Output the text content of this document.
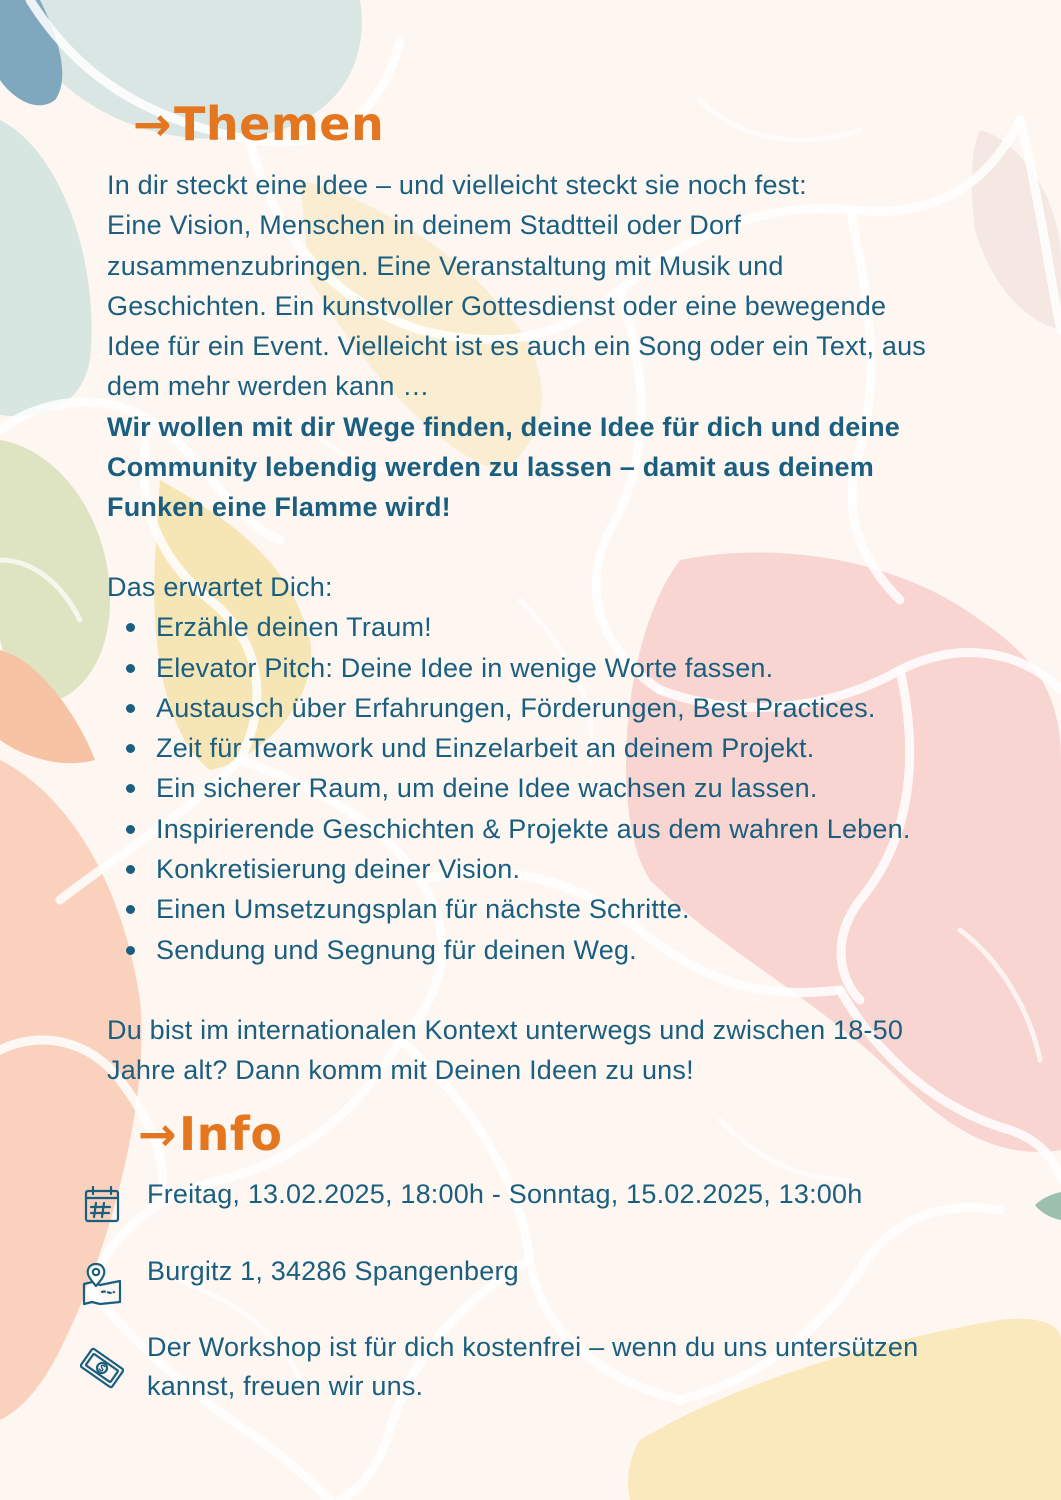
→Themen

In dir steckt eine Idee – und vielleicht steckt sie noch fest:

Eine Vision, Menschen in deinem Stadtteil oder Dorf

zusammenzubringen. Eine Veranstaltung mit Musik und

Geschichten. Ein kunstvoller Gottesdienst oder eine bewegende

Idee für ein Event. Vielleicht ist es auch ein Song oder ein Text, aus

dem mehr werden kann …

Wir wollen mit dir Wege finden, deine Idee für dich und deine

Community lebendig werden zu lassen – damit aus deinem

Funken eine Flamme wird!

Das erwartet Dich:

Erzähle deinen Traum!
Elevator Pitch: Deine Idee in wenige Worte fassen.
Austausch über Erfahrungen, Förderungen, Best Practices.
Zeit für Teamwork und Einzelarbeit an deinem Projekt.
Ein sicherer Raum, um deine Idee wachsen zu lassen.
Inspirierende Geschichten & Projekte aus dem wahren Leben.
Konkretisierung deiner Vision.
Einen Umsetzungsplan für nächste Schritte.
Sendung und Segnung für deinen Weg.

Du bist im internationalen Kontext unterwegs und zwischen 18-50

Jahre alt? Dann komm mit Deinen Ideen zu uns!

→Info
Freitag, 13.02.2025, 18:00h - Sonntag, 15.02.2025, 13:00h
Burgitz 1, 34286 Spangenberg
Der Workshop ist für dich kostenfrei – wenn du uns untersützen
kannst, freuen wir uns.
